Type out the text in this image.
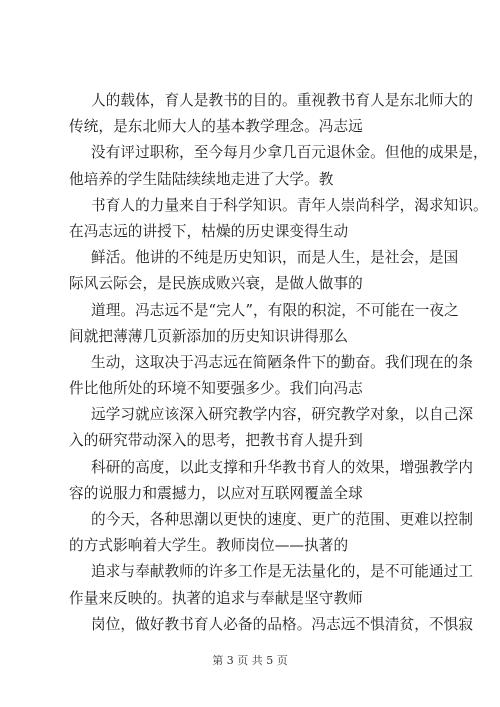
人的载体，育人是教书的目的。重视教书育人是东北师大的
传统，是东北师大人的基本教学理念。冯志远
没有评过职称，至今每月少拿几百元退休金。但他的成果是，
他培养的学生陆陆续续地走进了大学。教
书育人的力量来自于科学知识。青年人崇尚科学，渴求知识。
在冯志远的讲授下，枯燥的历史课变得生动
鲜活。他讲的不纯是历史知识，而是人生，是社会，是国
际风云际会，是民族成败兴衰，是做人做事的
道理。冯志远不是“完人”，有限的积淀，不可能在一夜之
间就把薄薄几页新添加的历史知识讲得那么
生动，这取决于冯志远在简陋条件下的勤奋。我们现在的条
件比他所处的环境不知要强多少。我们向冯志
远学习就应该深入研究教学内容，研究教学对象，以自己深
入的研究带动深入的思考，把教书育人提升到
科研的高度，以此支撑和升华教书育人的效果，增强教学内
容的说服力和震撼力，以应对互联网覆盖全球
的今天，各种思潮以更快的速度、更广的范围、更难以控制
的方式影响着大学生。教师岗位——执著的
追求与奉献教师的许多工作是无法量化的，是不可能通过工
作量来反映的。执著的追求与奉献是坚守教师
岗位，做好教书育人必备的品格。冯志远不惧清贫，不惧寂
第 3 页 共 5 页
